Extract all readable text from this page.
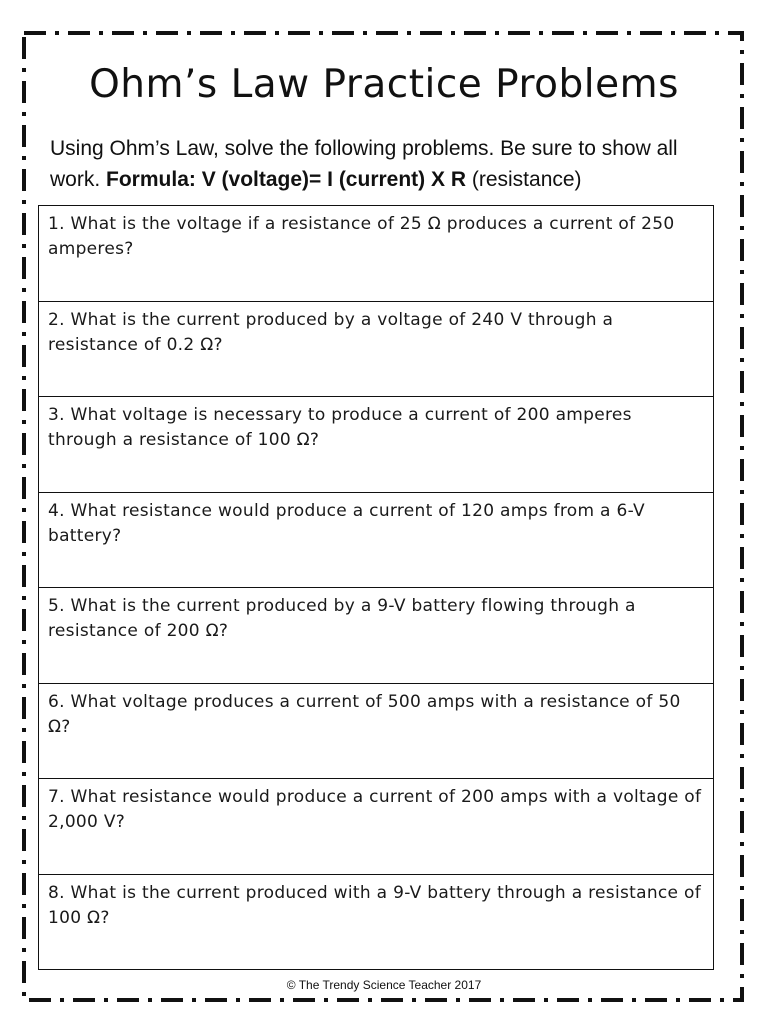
Ohm’s Law Practice Problems
Using Ohm’s Law, solve the following problems. Be sure to show all work. Formula: V (voltage)= I (current) X R (resistance)
1. What is the voltage if a resistance of 25 Ω produces a current of 250 amperes?
2. What is the current produced by a voltage of 240 V through a resistance of 0.2 Ω?
3. What voltage is necessary to produce a current of 200 amperes through a resistance of 100 Ω?
4. What resistance would produce a current of 120 amps from a 6-V battery?
5. What is the current produced by a 9-V battery flowing through a resistance of 200 Ω?
6. What voltage produces a current of 500 amps with a resistance of 50 Ω?
7. What resistance would produce a current of 200 amps with a voltage of 2,000 V?
8. What is the current produced with a 9-V battery through a resistance of 100 Ω?
© The Trendy Science Teacher 2017
